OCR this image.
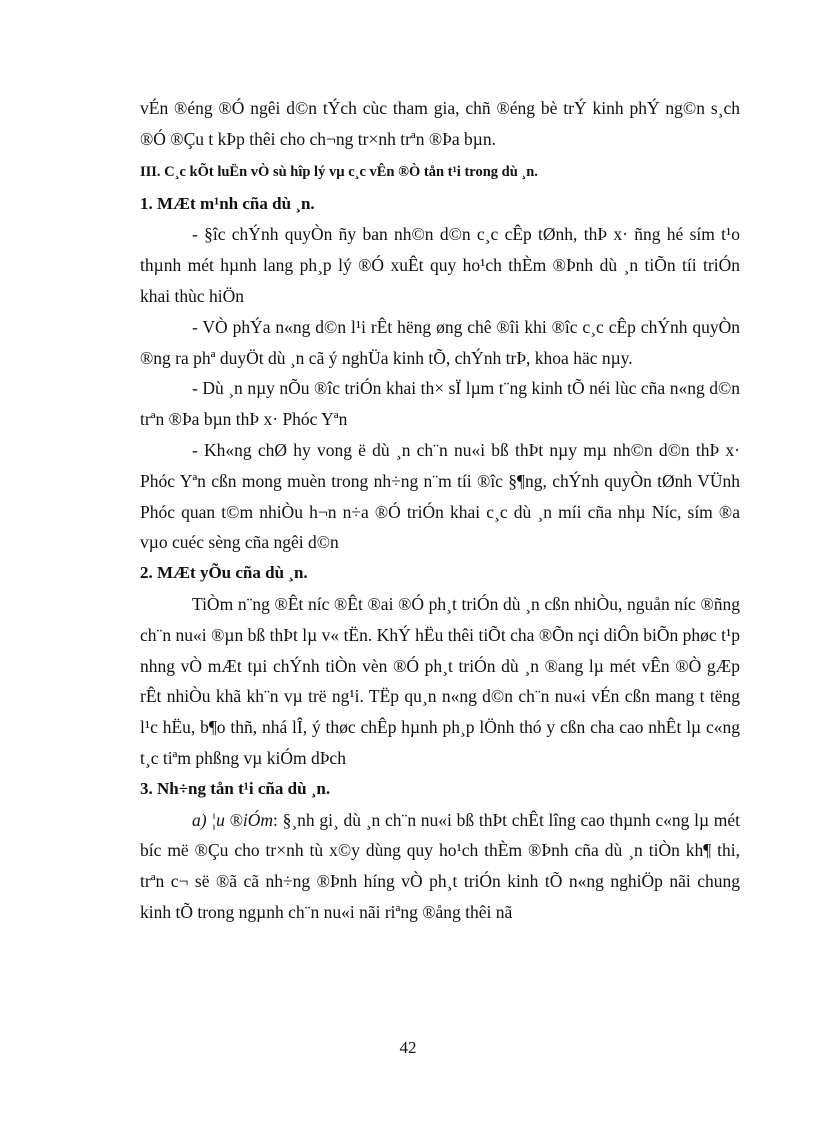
vÉn ®éng ®Ó ngêi d©n tÝch cùc tham gia, chñ ®éng bè trÝ kinh phÝ ng©n s¸ch ®Ó ®Çu t kÞp thêi cho ch¬ng tr×nh trªn ®Þa bµn.

III. C¸c kÕt luËn vÒ sù hîp lý vµ c¸c vÊn ®Ò tån t¹i trong dù ¸n.

1. MÆt m¹nh cña dù ¸n.

- §îc chÝnh quyÒn ñy ban nh©n d©n c¸c cÊp tØnh, thÞ x· ñng hé sím t¹o thµnh mét hµnh lang ph¸p lý ®Ó xuÊt quy ho¹ch thÈm ®Þnh dù ¸n tiÕn tíi triÓn khai thùc hiÖn

- VÒ phÝa n«ng d©n l¹i rÊt hëng øng chê ®îi khi ®îc c¸c cÊp chÝnh quyÒn ®ng ra phª duyÖt dù ¸n cã ý nghÜa kinh tÕ, chÝnh trÞ, khoa häc nµy.

- Dù ¸n nµy nÕu ®îc triÓn khai th× sÏ lµm t¨ng kinh tÕ néi lùc cña n«ng d©n trªn ®Þa bµn thÞ x· Phóc Yªn

- Kh«ng chØ hy vong ë dù ¸n ch¨n nu«i bß thÞt nµy mµ nh©n d©n thÞ x· Phóc Yªn cßn mong muèn trong nh÷ng n¨m tíi ®îc §¶ng, chÝnh quyÒn tØnh VÜnh Phóc quan t©m nhiÒu h¬n n÷a ®Ó triÓn khai c¸c dù ¸n míi cña nhµ Níc, sím ®a vµo cuéc sèng cña ngêi d©n

2. MÆt yÕu cña dù ¸n.

TiÒm n¨ng ®Êt níc ®Êt ®ai ®Ó ph¸t triÓn dù ¸n cßn nhiÒu, nguån níc ®ñng ch¨n nu«i ®µn bß thÞt lµ v« tËn. KhÝ hËu thêi tiÕt cha ®Õn nçi diÔn biÕn phøc t¹p nhng vÒ mÆt tµi chÝnh tiÒn vèn ®Ó ph¸t triÓn dù ¸n ®ang lµ mét vÊn ®Ò gÆp rÊt nhiÒu khã kh¨n vµ trë ng¹i. TËp qu¸n n«ng d©n ch¨n nu«i vÉn cßn mang t tëng l¹c hËu, b¶o thñ, nhá lÎ, ý thøc chÊp hµnh ph¸p lÖnh thó y cßn cha cao nhÊt lµ c«ng t¸c tiªm phßng vµ kiÓm dÞch

3. Nh÷ng tån t¹i cña dù ¸n.

a) ¦u ®iÓm: §¸nh gi¸ dù ¸n ch¨n nu«i bß thÞt chÊt lîng cao thµnh c«ng lµ mét bíc më ®Çu cho tr×nh tù x©y dùng quy ho¹ch thÈm ®Þnh cña dù ¸n tiÒn kh¶ thi, trªn c¬ së ®ã cã nh÷ng ®Þnh híng vÒ ph¸t triÓn kinh tÕ n«ng nghiÖp nãi chung kinh tÕ trong ngµnh ch¨n nu«i nãi riªng ®ång thêi nã

42
